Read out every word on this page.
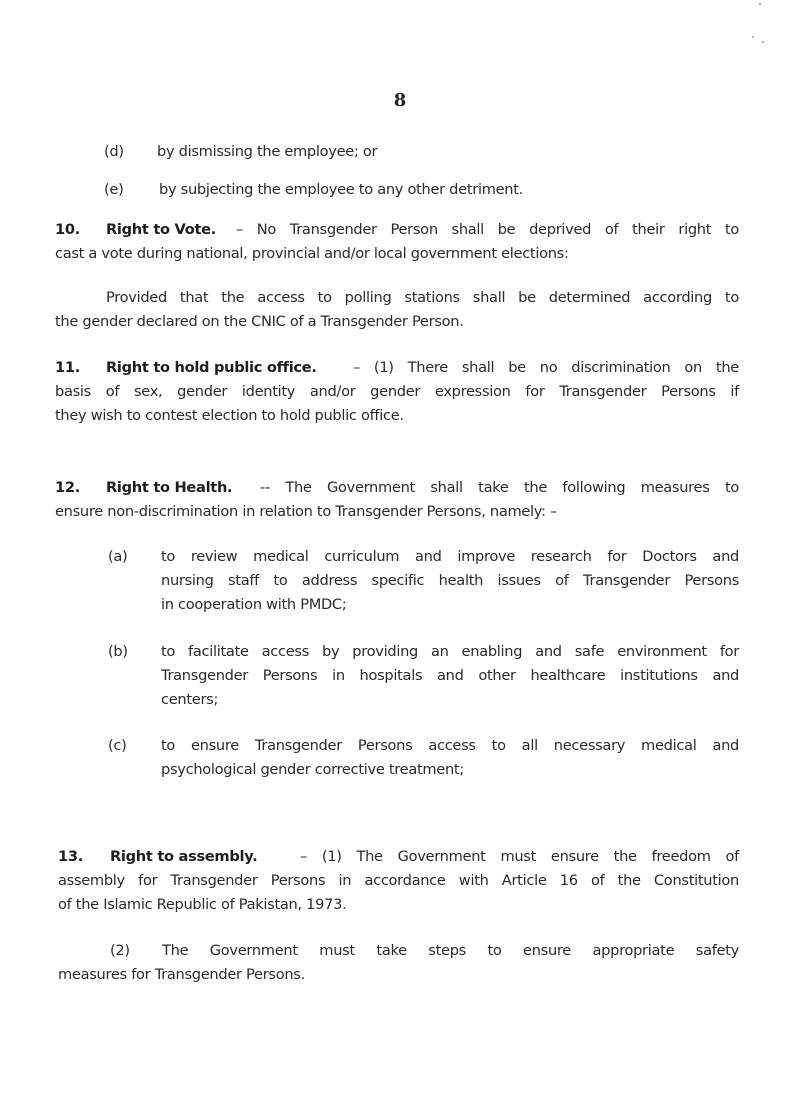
8
(d) by dismissing the employee; or
(e) by subjecting the employee to any other detriment.
10. Right to Vote. – No Transgender Person shall be deprived of their right to
cast a vote during national, provincial and/or local government elections:
Provided that the access to polling stations shall be determined according to
the gender declared on the CNIC of a Transgender Person.
11. Right to hold public office. – (1) There shall be no discrimination on the
basis of sex, gender identity and/or gender expression for Transgender Persons if
they wish to contest election to hold public office.
12. Right to Health. -- The Government shall take the following measures to
ensure non-discrimination in relation to Transgender Persons, namely: –
(a) to review medical curriculum and improve research for Doctors and
nursing staff to address specific health issues of Transgender Persons
in cooperation with PMDC;
(b) to facilitate access by providing an enabling and safe environment for
Transgender Persons in hospitals and other healthcare institutions and
centers;
(c) to ensure Transgender Persons access to all necessary medical and
psychological gender corrective treatment;
13. Right to assembly.	– (1) The Government must ensure the freedom of
assembly for Transgender Persons in accordance with Article 16 of the Constitution
of the Islamic Republic of Pakistan, 1973.
(2) The Government must take steps to ensure appropriate safety
measures for Transgender Persons.
